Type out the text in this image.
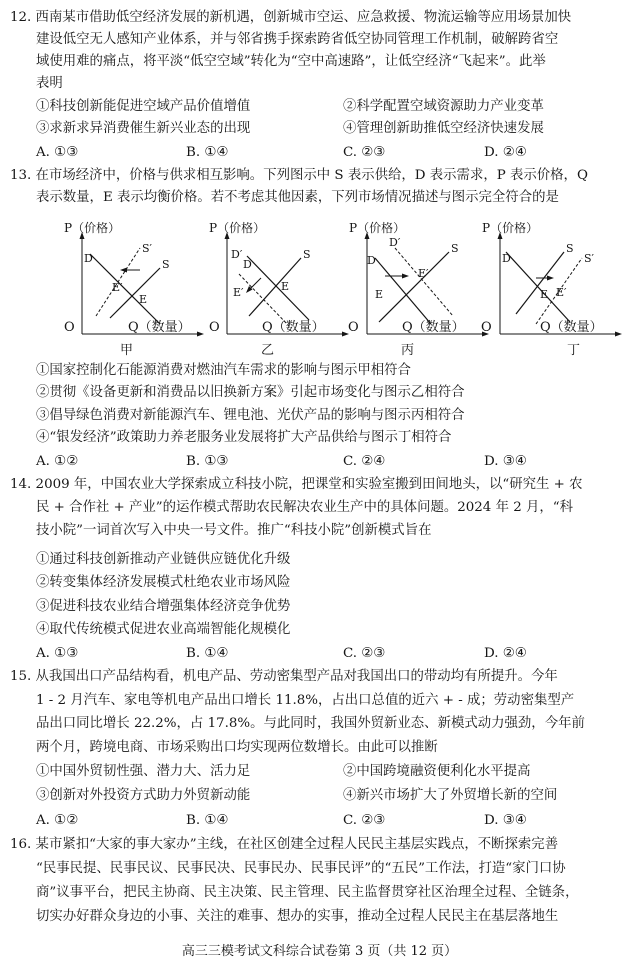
12. 西南某市借助低空经济发展的新机遇，创新城市空运、应急救援、物流运输等应用场景加快
建设低空无人感知产业体系，并与邻省携手探索跨省低空协同管理工作机制，破解跨省空
域使用难的痛点，将平淡“低空空域”转化为“空中高速路”，让低空经济“飞起来”。此举
表明
①科技创新能促进空域产品价值增值	②科学配置空域资源助力产业变革
③求新求异消费催生新兴业态的出现	④管理创新助推低空经济快速发展
A. ①③	B. ①④	C. ②③	D. ②④
13. 在市场经济中，价格与供求相互影响。下列图示中 S 表示供给，D 表示需求，P 表示价格，Q
表示数量，E 表示均衡价格。若不考虑其他因素，下列市场情况描述与图示完全符合的是
P（价格）
D	S
S′
E
E′
P（价格）
D
D′	S
E
E′
P（价格）
D
D′	S
E
E′
P（价格）
D
S
S′
E E′
O	Q（数量） O	Q（数量） O	Q（数量） O	Q（数量）
甲	乙	丙	丁
①国家控制化石能源消费对燃油汽车需求的影响与图示甲相符合
②贯彻《设备更新和消费品以旧换新方案》引起市场变化与图示乙相符合
③倡导绿色消费对新能源汽车、锂电池、光伏产品的影响与图示丙相符合
④“银发经济”政策助力养老服务业发展将扩大产品供给与图示丁相符合
A. ①②	B. ①③	C. ②④	D. ③④
14. 2009 年，中国农业大学探索成立科技小院，把课堂和实验室搬到田间地头，以“研究生 + 农
民 + 合作社 + 产业”的运作模式帮助农民解决农业生产中的具体问题。2024 年 2 月，“科
技小院”一词首次写入中央一号文件。推广“科技小院”创新模式旨在
①通过科技创新推动产业链供应链优化升级
②转变集体经济发展模式杜绝农业市场风险
③促进科技农业结合增强集体经济竞争优势
④取代传统模式促进农业高端智能化规模化
A. ①③	B. ①④	C. ②③	D. ②④
15. 从我国出口产品结构看，机电产品、劳动密集型产品对我国出口的带动均有所提升。今年
1 - 2 月汽车、家电等机电产品出口增长 11.8%，占出口总值的近六 + - 成；劳动密集型产
品出口同比增长 22.2%，占 17.8%。与此同时，我国外贸新业态、新模式动力强劲，今年前
两个月，跨境电商、市场采购出口均实现两位数增长。由此可以推断
①中国外贸韧性强、潜力大、活力足	②中国跨境融资便利化水平提高
③创新对外投资方式助力外贸新动能	④新兴市场扩大了外贸增长新的空间
A. ①②	B. ①④	C. ②③	D. ③④
16. 某市紧扣“大家的事大家办”主线，在社区创建全过程人民民主基层实践点，不断探索完善
“民事民提、民事民议、民事民决、民事民办、民事民评”的“五民”工作法，打造“家门口协
商”议事平台，把民主协商、民主决策、民主管理、民主监督贯穿社区治理全过程、全链条，
切实办好群众身边的小事、关注的难事、想办的实事，推动全过程人民民主在基层落地生
高三三模考试文科综合试卷第 3 页（共 12 页）
